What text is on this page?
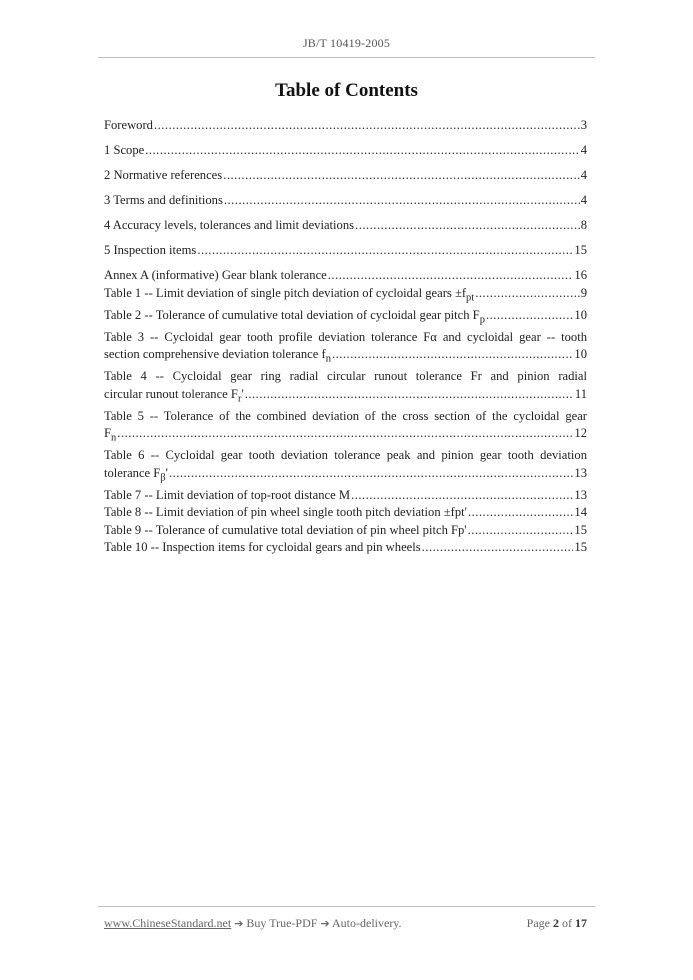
JB/T 10419-2005
Table of Contents
Foreword .....	3
1 Scope .....	4
2 Normative references .....	4
3 Terms and definitions .....	4
4 Accuracy levels, tolerances and limit deviations .....	8
5 Inspection items .....	15
Annex A (informative) Gear blank tolerance .....	16
Table 1 -- Limit deviation of single pitch deviation of cycloidal gears $\pm f_{pt}$ .....	9
Table 2 -- Tolerance of cumulative total deviation of cycloidal gear pitch $F_p$ .....	10
Table 3 -- Cycloidal gear tooth profile deviation tolerance Fα and cycloidal gear -- tooth
section comprehensive deviation tolerance $f_n$ .....	10
Table 4 -- Cycloidal gear ring radial circular runout tolerance Fr and pinion radial
circular runout tolerance $F_r'$ .....	11
Table 5 -- Tolerance of the combined deviation of the cross section of the cycloidal gear
$F_n$ .....	12
Table 6 -- Cycloidal gear tooth deviation tolerance peak and pinion gear tooth deviation
tolerance $F_\beta'$ .....	13
Table 7 -- Limit deviation of top-root distance M .....	13
Table 8 -- Limit deviation of pin wheel single tooth pitch deviation ±fpt' .....	14
Table 9 -- Tolerance of cumulative total deviation of pin wheel pitch Fp' .....	15
Table 10 -- Inspection items for cycloidal gears and pin wheels .....	15
www.ChineseStandard.net ➔ Buy True-PDF ➔ Auto-delivery.	Page 2 of 17
